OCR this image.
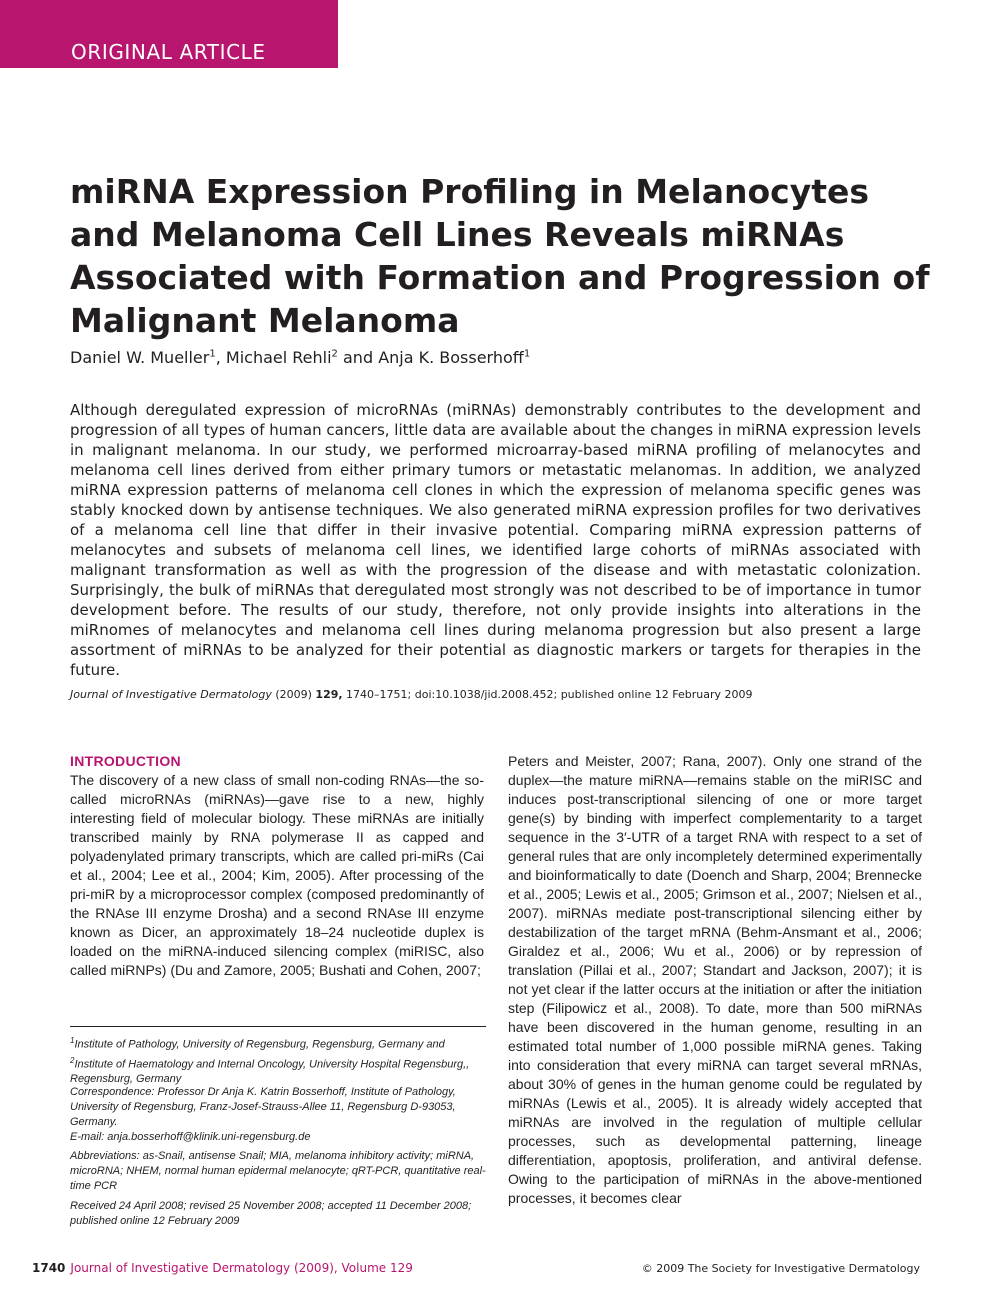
ORIGINAL ARTICLE
miRNA Expression Profiling in Melanocytes and Melanoma Cell Lines Reveals miRNAs Associated with Formation and Progression of Malignant Melanoma
Daniel W. Mueller$^1$, Michael Rehli$^2$ and Anja K. Bosserhoff$^1$

Although deregulated expression of microRNAs (miRNAs) demonstrably contributes to the development and progression of all types of human cancers, little data are available about the changes in miRNA expression levels in malignant melanoma. In our study, we performed microarray-based miRNA profiling of melanocytes and melanoma cell lines derived from either primary tumors or metastatic melanomas. In addition, we analyzed miRNA expression patterns of melanoma cell clones in which the expression of melanoma specific genes was stably knocked down by antisense techniques. We also generated miRNA expression profiles for two derivatives of a melanoma cell line that differ in their invasive potential. Comparing miRNA expression patterns of melanocytes and subsets of melanoma cell lines, we identified large cohorts of miRNAs associated with malignant transformation as well as with the progression of the disease and with metastatic colonization. Surprisingly, the bulk of miRNAs that deregulated most strongly was not described to be of importance in tumor development before. The results of our study, therefore, not only provide insights into alterations in the miRnomes of melanocytes and melanoma cell lines during melanoma progression but also present a large assortment of miRNAs to be analyzed for their potential as diagnostic markers or targets for therapies in the future.

Journal of Investigative Dermatology (2009) 129, 1740–1751; doi:10.1038/jid.2008.452; published online 12 February 2009
INTRODUCTION

The discovery of a new class of small non-coding RNAs—the so-called microRNAs (miRNAs)—gave rise to a new, highly interesting field of molecular biology. These miRNAs are initially transcribed mainly by RNA polymerase II as capped and polyadenylated primary transcripts, which are called pri-miRs (Cai et al., 2004; Lee et al., 2004; Kim, 2005). After processing of the pri-miR by a microprocessor complex (composed predominantly of the RNAse III enzyme Drosha) and a second RNAse III enzyme known as Dicer, an approximately 18–24 nucleotide duplex is loaded on the miRNA-induced silencing complex (miRISC, also called miRNPs) (Du and Zamore, 2005; Bushati and Cohen, 2007;

$^1$Institute of Pathology, University of Regensburg, Regensburg, Germany and
$^2$Institute of Haematology and Internal Oncology, University Hospital Regensburg,, Regensburg, Germany

Correspondence: Professor Dr Anja K. Katrin Bosserhoff, Institute of Pathology, University of Regensburg, Franz-Josef-Strauss-Allee 11, Regensburg D-93053, Germany.
E-mail: anja.bosserhoff@klinik.uni-regensburg.de

Abbreviations: as-Snail, antisense Snail; MIA, melanoma inhibitory activity; miRNA, microRNA; NHEM, normal human epidermal melanocyte; qRT-PCR, quantitative real-time PCR

Received 24 April 2008; revised 25 November 2008; accepted 11 December 2008; published online 12 February 2009

Peters and Meister, 2007; Rana, 2007). Only one strand of the duplex—the mature miRNA—remains stable on the miRISC and induces post-transcriptional silencing of one or more target gene(s) by binding with imperfect complementarity to a target sequence in the 3′-UTR of a target RNA with respect to a set of general rules that are only incompletely determined experimentally and bioinformatically to date (Doench and Sharp, 2004; Brennecke et al., 2005; Lewis et al., 2005; Grimson et al., 2007; Nielsen et al., 2007). miRNAs mediate post-transcriptional silencing either by destabilization of the target mRNA (Behm-Ansmant et al., 2006; Giraldez et al., 2006; Wu et al., 2006) or by repression of translation (Pillai et al., 2007; Standart and Jackson, 2007); it is not yet clear if the latter occurs at the initiation or after the initiation step (Filipowicz et al., 2008). To date, more than 500 miRNAs have been discovered in the human genome, resulting in an estimated total number of 1,000 possible miRNA genes. Taking into consideration that every miRNA can target several mRNAs, about 30% of genes in the human genome could be regulated by miRNAs (Lewis et al., 2005). It is already widely accepted that miRNAs are involved in the regulation of multiple cellular processes, such as developmental patterning, lineage differentiation, apoptosis, proliferation, and antiviral defense. Owing to the participation of miRNAs in the above-mentioned processes, it becomes clear

1740 Journal of Investigative Dermatology (2009), Volume 129	© 2009 The Society for Investigative Dermatology
